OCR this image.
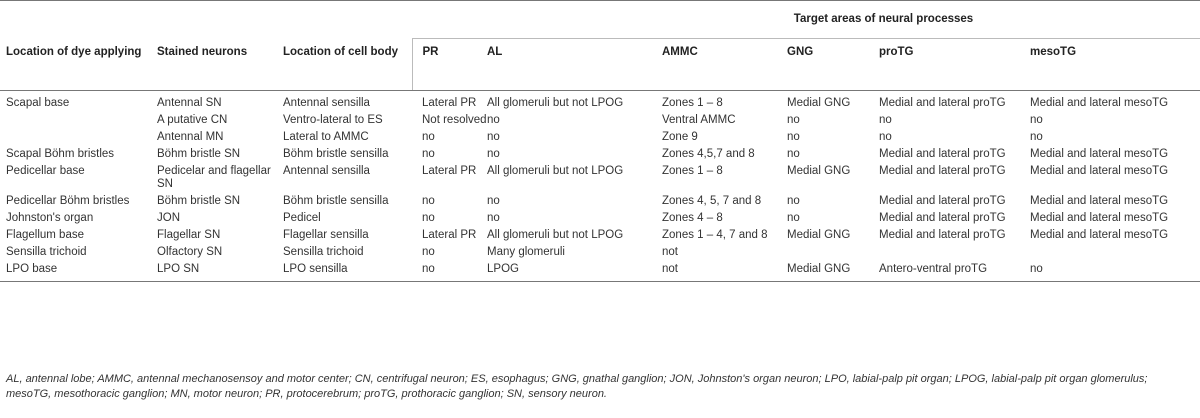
			Target areas of neural processes					
Location of dye applying	Stained neurons	Location of cell body	PR	AL	AMMC	GNG	proTG	mesoTG
Scapal base	Antennal SN	Antennal sensilla	Lateral PR	All glomeruli but not LPOG	Zones 1 – 8	Medial GNG	Medial and lateral proTG	Medial and lateral mesoTG
	A putative CN	Ventro-lateral to ES	Not resolved	no	Ventral AMMC	no	no	no
	Antennal MN	Lateral to AMMC	no	no	Zone 9	no	no	no
Scapal Böhm bristles	Böhm bristle SN	Böhm bristle sensilla	no	no	Zones 4,5,7 and 8	no	Medial and lateral proTG	Medial and lateral mesoTG
Pedicellar base	Pedicelar and flagellar SN	Antennal sensilla	Lateral PR	All glomeruli but not LPOG	Zones 1 – 8	Medial GNG	Medial and lateral proTG	Medial and lateral mesoTG
Pedicellar Böhm bristles	Böhm bristle SN	Böhm bristle sensilla	no	no	Zones 4, 5, 7 and 8	no	Medial and lateral proTG	Medial and lateral mesoTG
Johnston's organ	JON	Pedicel	no	no	Zones 4 – 8	no	Medial and lateral proTG	Medial and lateral mesoTG
Flagellum base	Flagellar SN	Flagellar sensilla	Lateral PR	All glomeruli but not LPOG	Zones 1 – 4, 7 and 8	Medial GNG	Medial and lateral proTG	Medial and lateral mesoTG
Sensilla trichoid	Olfactory SN	Sensilla trichoid	no	Many glomeruli	not			
LPO base	LPO SN	LPO sensilla	no	LPOG	not	Medial GNG	Antero-ventral proTG	no
AL, antennal lobe; AMMC, antennal mechanosensoy and motor center; CN, centrifugal neuron; ES, esophagus; GNG, gnathal ganglion; JON, Johnston's organ neuron; LPO, labial-palp pit organ; LPOG, labial-palp pit organ glomerulus; mesoTG, mesothoracic ganglion; MN, motor neuron; PR, protocerebrum; proTG, prothoracic ganglion; SN, sensory neuron.
